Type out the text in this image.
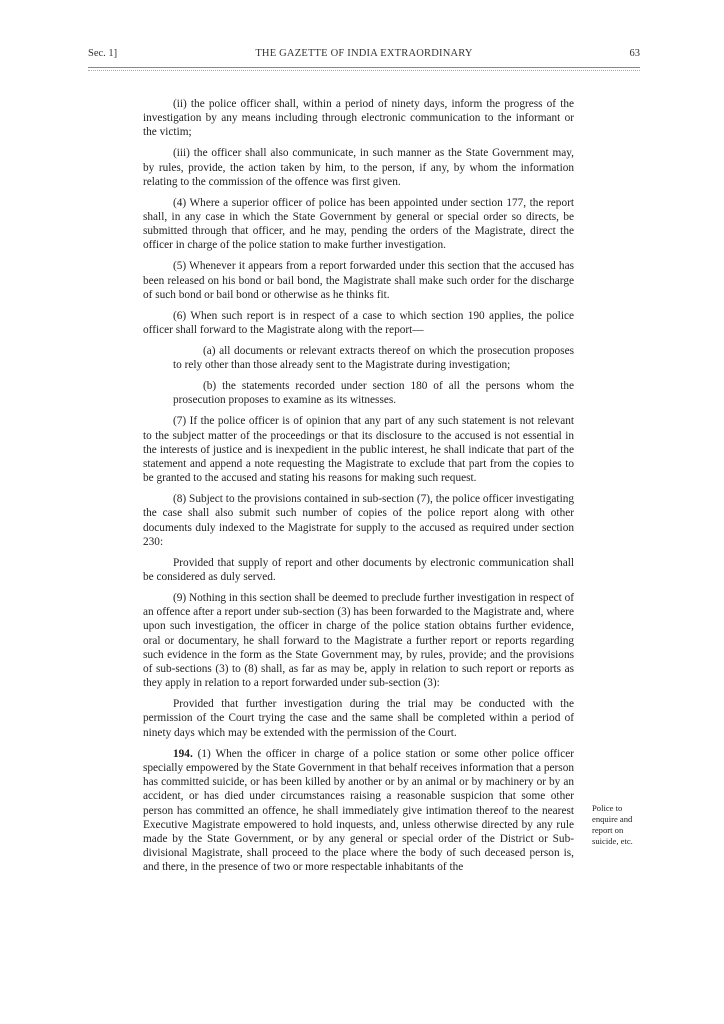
Sec. 1]	THE GAZETTE OF INDIA EXTRAORDINARY	63

(ii) the police officer shall, within a period of ninety days, inform the progress of the investigation by any means including through electronic communication to the informant or the victim;

(iii) the officer shall also communicate, in such manner as the State Government may, by rules, provide, the action taken by him, to the person, if any, by whom the information relating to the commission of the offence was first given.

(4) Where a superior officer of police has been appointed under section 177, the report shall, in any case in which the State Government by general or special order so directs, be submitted through that officer, and he may, pending the orders of the Magistrate, direct the officer in charge of the police station to make further investigation.

(5) Whenever it appears from a report forwarded under this section that the accused has been released on his bond or bail bond, the Magistrate shall make such order for the discharge of such bond or bail bond or otherwise as he thinks fit.

(6) When such report is in respect of a case to which section 190 applies, the police officer shall forward to the Magistrate along with the report—

(a) all documents or relevant extracts thereof on which the prosecution proposes to rely other than those already sent to the Magistrate during investigation;

(b) the statements recorded under section 180 of all the persons whom the prosecution proposes to examine as its witnesses.

(7) If the police officer is of opinion that any part of any such statement is not relevant to the subject matter of the proceedings or that its disclosure to the accused is not essential in the interests of justice and is inexpedient in the public interest, he shall indicate that part of the statement and append a note requesting the Magistrate to exclude that part from the copies to be granted to the accused and stating his reasons for making such request.

(8) Subject to the provisions contained in sub-section (7), the police officer investigating the case shall also submit such number of copies of the police report along with other documents duly indexed to the Magistrate for supply to the accused as required under section 230:

Provided that supply of report and other documents by electronic communication shall be considered as duly served.

(9) Nothing in this section shall be deemed to preclude further investigation in respect of an offence after a report under sub-section (3) has been forwarded to the Magistrate and, where upon such investigation, the officer in charge of the police station obtains further evidence, oral or documentary, he shall forward to the Magistrate a further report or reports regarding such evidence in the form as the State Government may, by rules, provide; and the provisions of sub-sections (3) to (8) shall, as far as may be, apply in relation to such report or reports as they apply in relation to a report forwarded under sub-section (3):

Provided that further investigation during the trial may be conducted with the permission of the Court trying the case and the same shall be completed within a period of ninety days which may be extended with the permission of the Court.

194. (1) When the officer in charge of a police station or some other police officer specially empowered by the State Government in that behalf receives information that a person has committed suicide, or has been killed by another or by an animal or by machinery or by an accident, or has died under circumstances raising a reasonable suspicion that some other person has committed an offence, he shall immediately give intimation thereof to the nearest Executive Magistrate empowered to hold inquests, and, unless otherwise directed by any rule made by the State Government, or by any general or special order of the District or Sub-divisional Magistrate, shall proceed to the place where the body of such deceased person is, and there, in the presence of two or more respectable inhabitants of the

Police to
enquire and
report on
suicide, etc.
